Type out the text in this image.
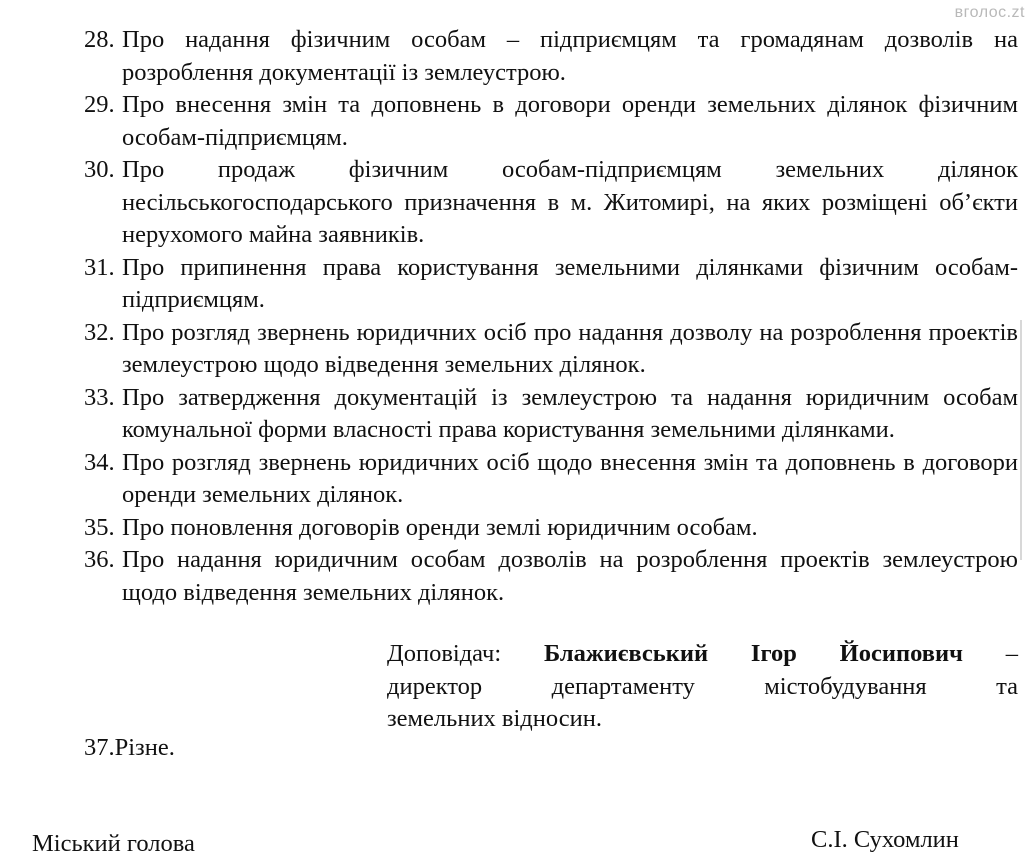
вголос.zt
28. Про надання фізичним особам – підприємцям та громадянам дозволів на розроблення документації із землеустрою.
29. Про внесення змін та доповнень в договори оренди земельних ділянок фізичним особам-підприємцям.
30. Про продаж фізичним особам-підприємцям земельних ділянок несільськогосподарського призначення в м. Житомирі, на яких розміщені об’єкти нерухомого майна заявників.
31. Про припинення права користування земельними ділянками фізичним особам-підприємцям.
32. Про розгляд звернень юридичних осіб про надання дозволу на розроблення проектів землеустрою щодо відведення земельних ділянок.
33. Про затвердження документацій із землеустрою та надання юридичним особам комунальної форми власності права користування земельними ділянками.
34. Про розгляд звернень юридичних осіб щодо внесення змін та доповнень в договори оренди земельних ділянок.
35. Про поновлення договорів оренди землі юридичним особам.
36. Про надання юридичним особам дозволів на розроблення проектів землеустрою щодо відведення земельних ділянок.
Доповідач: Блажиєвський Ігор Йосипович –
директор департаменту містобудування та
земельних відносин.
37.Різне.
Міський голова	С.І. Сухомлин
